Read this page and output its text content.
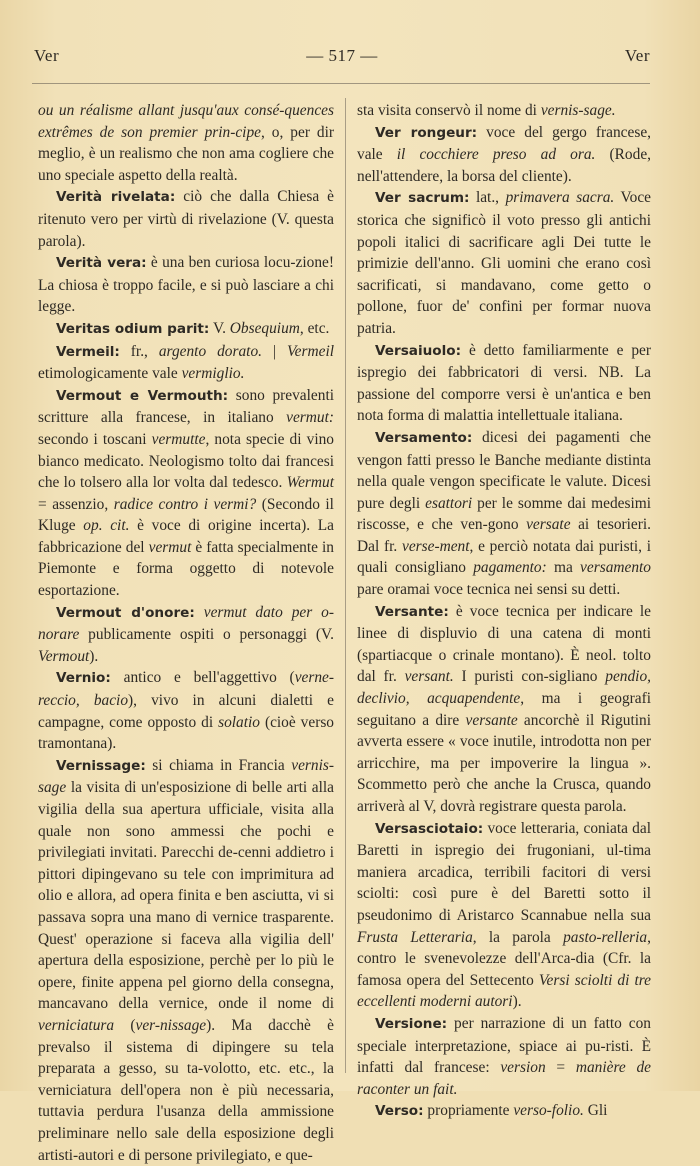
Ver	— 517 —	Ver

ou un réalisme allant jusqu'aux consé-quences extrêmes de son premier prin-cipe, o, per dir meglio, è un realismo che non ama cogliere che uno speciale aspetto della realtà.

Verità rivelata: ciò che dalla Chiesa è ritenuto vero per virtù di rivelazione (V. questa parola).

Verità vera: è una ben curiosa locu-zione! La chiosa è troppo facile, e si può lasciare a chi legge.

Veritas odium parit: V. Obsequium, etc.

Vermeil: fr., argento dorato. | Vermeil etimologicamente vale vermiglio.

Vermout e Vermouth: sono prevalenti scritture alla francese, in italiano vermut: secondo i toscani vermutte, nota specie di vino bianco medicato. Neologismo tolto dai francesi che lo tolsero alla lor volta dal tedesco. Wermut = assenzio, radice contro i vermi? (Secondo il Kluge op. cit. è voce di origine incerta). La fabbricazione del vermut è fatta specialmente in Piemonte e forma oggetto di notevole esportazione.

Vermout d'onore: vermut dato per o-norare publicamente ospiti o personaggi (V. Vermout).

Vernio: antico e bell'aggettivo (verne-reccio, bacio), vivo in alcuni dialetti e campagne, come opposto di solatio (cioè verso tramontana).

Vernissage: si chiama in Francia vernis-sage la visita di un'esposizione di belle arti alla vigilia della sua apertura ufficiale, visita alla quale non sono ammessi che pochi e privilegiati invitati. Parecchi de-cenni addietro i pittori dipingevano su tele con imprimitura ad olio e allora, ad opera finita e ben asciutta, vi si passava sopra una mano di vernice trasparente. Quest' operazione si faceva alla vigilia dell' apertura della esposizione, perchè per lo più le opere, finite appena pel giorno della consegna, mancavano della vernice, onde il nome di verniciatura (ver-nissage). Ma dacchè è prevalso il sistema di dipingere su tela preparata a gesso, su ta-volotto, etc. etc., la verniciatura dell'opera non è più necessaria, tuttavia perdura l'usanza della ammissione preliminare nello sale della esposizione degli artisti-autori e di persone privilegiato, e que-

sta visita conservò il nome di vernis-sage.

Ver rongeur: voce del gergo francese, vale il cocchiere preso ad ora. (Rode, nell'attendere, la borsa del cliente).

Ver sacrum: lat., primavera sacra. Voce storica che significò il voto presso gli antichi popoli italici di sacrificare agli Dei tutte le primizie dell'anno. Gli uomini che erano così sacrificati, si mandavano, come getto o pollone, fuor de' confini per formar nuova patria.

Versaiuolo: è detto familiarmente e per ispregio dei fabbricatori di versi. NB. La passione del comporre versi è un'antica e ben nota forma di malattia intellettuale italiana.

Versamento: dicesi dei pagamenti che vengon fatti presso le Banche mediante distinta nella quale vengon specificate le valute. Dicesi pure degli esattori per le somme dai medesimi riscosse, e che ven-gono versate ai tesorieri. Dal fr. verse-ment, e perciò notata dai puristi, i quali consigliano pagamento: ma versamento pare oramai voce tecnica nei sensi su detti.

Versante: è voce tecnica per indicare le linee di displuvio di una catena di monti (spartiacque o crinale montano). È neol. tolto dal fr. versant. I puristi con-sigliano pendio, declivio, acquapendente, ma i geografi seguitano a dire versante ancorchè il Rigutini avverta essere « voce inutile, introdotta non per arricchire, ma per impoverire la lingua ». Scommetto però che anche la Crusca, quando arriverà al V, dovrà registrare questa parola.

Versasciotaio: voce letteraria, coniata dal Baretti in ispregio dei frugoniani, ul-tima maniera arcadica, terribili facitori di versi sciolti: così pure è del Baretti sotto il pseudonimo di Aristarco Scannabue nella sua Frusta Letteraria, la parola pasto-relleria, contro le svenevolezze dell'Arca-dia (Cfr. la famosa opera del Settecento Versi sciolti di tre eccellenti moderni autori).

Versione: per narrazione di un fatto con speciale interpretazione, spiace ai pu-risti. È infatti dal francese: version = manière de raconter un fait.

Verso: propriamente verso-folio. Gli
